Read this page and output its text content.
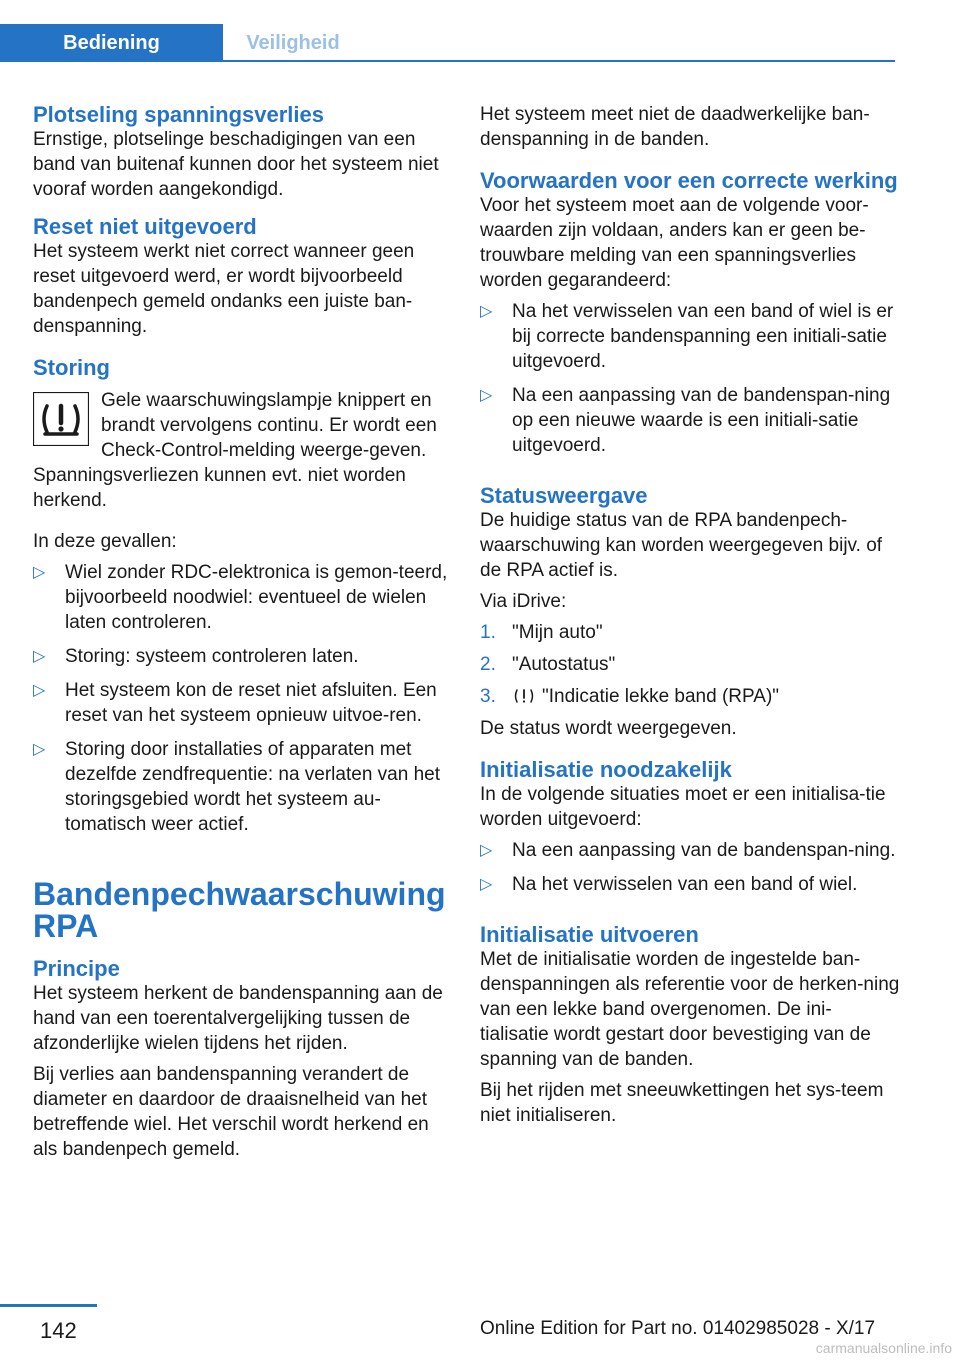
Bediening	Veiligheid
Plotseling spanningsverlies

Ernstige, plotselinge beschadigingen van een band van buitenaf kunnen door het systeem niet vooraf worden aangekondigd.

Reset niet uitgevoerd

Het systeem werkt niet correct wanneer geen reset uitgevoerd werd, er wordt bijvoorbeeld bandenpech gemeld ondanks een juiste ban-denspanning.

Storing

Gele waarschuwingslampje knippert en brandt vervolgens continu. Er wordt een Check-Control-melding weerge-geven. Spanningsverliezen kunnen evt. niet worden herkend.

In deze gevallen:

▷ Wiel zonder RDC-elektronica is gemon-teerd, bijvoorbeeld noodwiel: eventueel de wielen laten controleren.
▷ Storing: systeem controleren laten.
▷ Het systeem kon de reset niet afsluiten. Een reset van het systeem opnieuw uitvoe-ren.
▷ Storing door installaties of apparaten met dezelfde zendfrequentie: na verlaten van het storingsgebied wordt het systeem au-tomatisch weer actief.
Bandenpechwaarschuwing RPA
Principe

Het systeem herkent de bandenspanning aan de hand van een toerentalvergelijking tussen de afzonderlijke wielen tijdens het rijden.

Bij verlies aan bandenspanning verandert de diameter en daardoor de draaisnelheid van het betreffende wiel. Het verschil wordt herkend en als bandenpech gemeld.

Het systeem meet niet de daadwerkelijke ban-denspanning in de banden.

Voorwaarden voor een correcte werking

Voor het systeem moet aan de volgende voor-waarden zijn voldaan, anders kan er geen be-trouwbare melding van een spanningsverlies worden gegarandeerd:

▷ Na het verwisselen van een band of wiel is er bij correcte bandenspanning een initiali-satie uitgevoerd.
▷ Na een aanpassing van de bandenspan-ning op een nieuwe waarde is een initiali-satie uitgevoerd.
Statusweergave

De huidige status van de RPA bandenpech-waarschuwing kan worden weergegeven bijv. of de RPA actief is.

Via iDrive:

1. "Mijn auto"
2. "Autostatus"
3. "Indicatie lekke band (RPA)"

De status wordt weergegeven.

Initialisatie noodzakelijk

In de volgende situaties moet er een initialisa-tie worden uitgevoerd:

▷ Na een aanpassing van de bandenspan-ning.
▷ Na het verwisselen van een band of wiel.
Initialisatie uitvoeren

Met de initialisatie worden de ingestelde ban-denspanningen als referentie voor de herken-ning van een lekke band overgenomen. De ini-tialisatie wordt gestart door bevestiging van de spanning van de banden.

Bij het rijden met sneeuwkettingen het sys-teem niet initialiseren.

142	Online Edition for Part no. 01402985028 - X/17
carmanualsonline.info
